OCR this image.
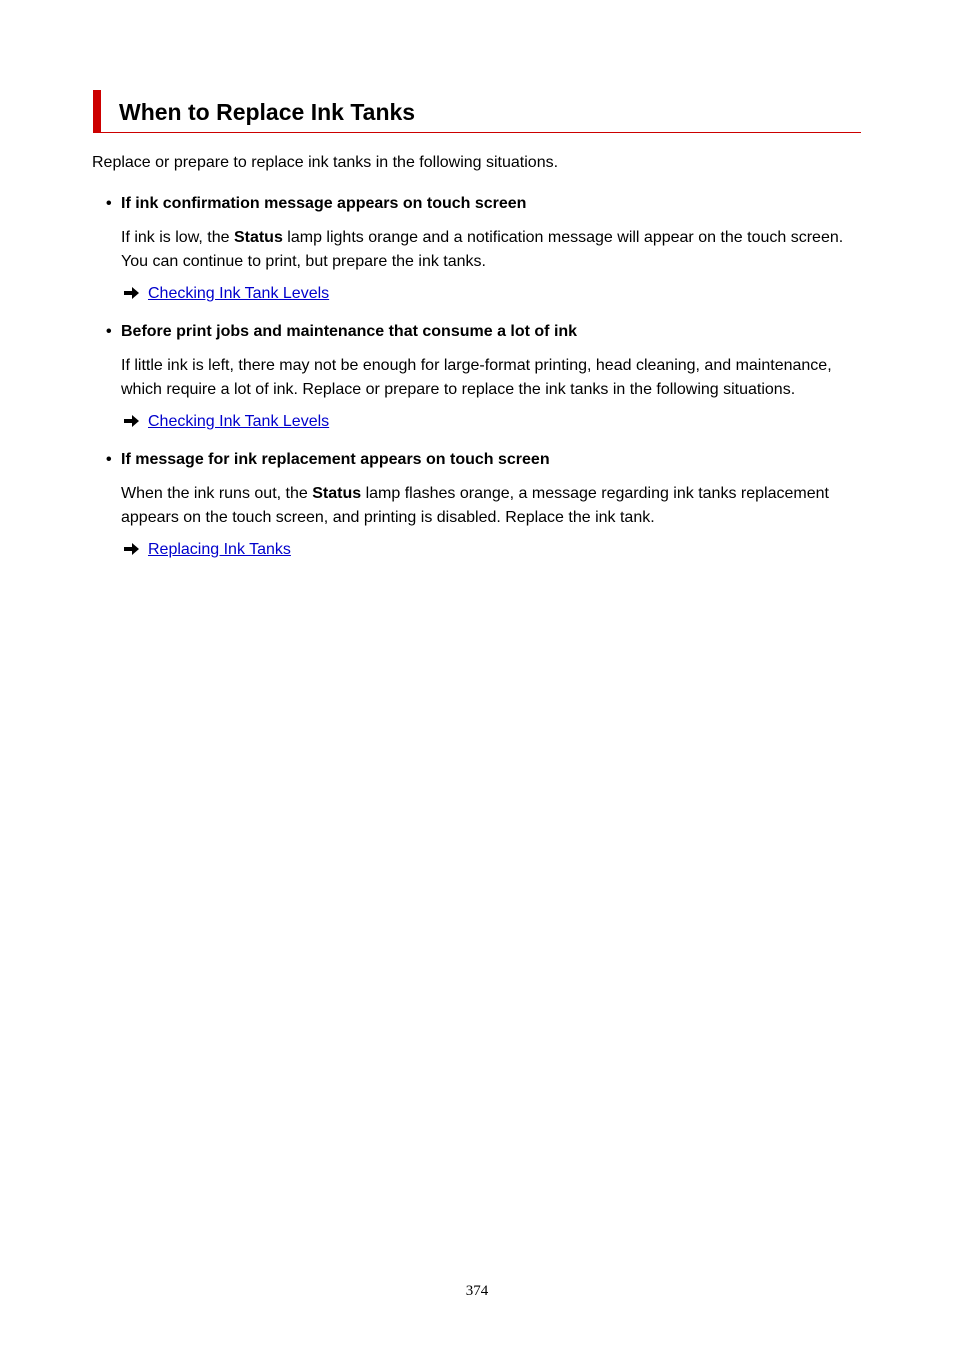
When to Replace Ink Tanks

Replace or prepare to replace ink tanks in the following situations.

• If ink confirmation message appears on touch screen
If ink is low, the Status lamp lights orange and a notification message will appear on the touch screen.
You can continue to print, but prepare the ink tanks.
Checking Ink Tank Levels
• Before print jobs and maintenance that consume a lot of ink
If little ink is left, there may not be enough for large-format printing, head cleaning, and maintenance,
which require a lot of ink. Replace or prepare to replace the ink tanks in the following situations.
Checking Ink Tank Levels
• If message for ink replacement appears on touch screen
When the ink runs out, the Status lamp flashes orange, a message regarding ink tanks replacement
appears on the touch screen, and printing is disabled. Replace the ink tank.
Replacing Ink Tanks
374
